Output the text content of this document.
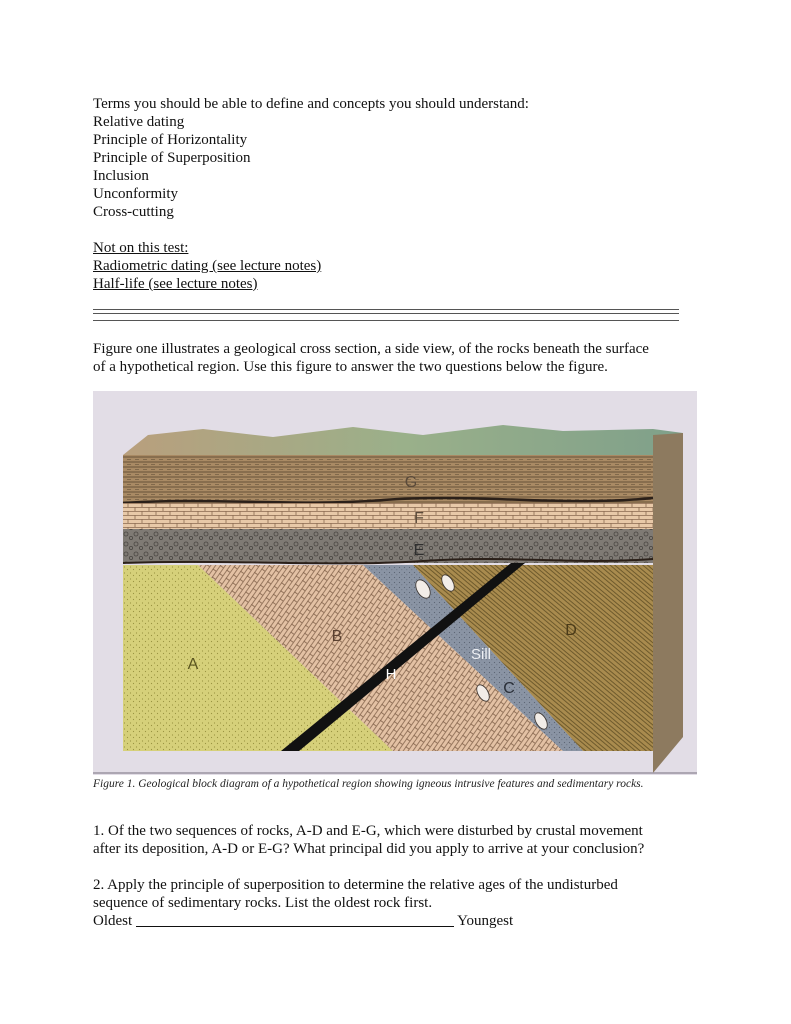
Terms you should be able to define and concepts you should understand:
Relative dating
Principle of Horizontality
Principle of Superposition
Inclusion
Unconformity
Cross-cutting
Not on this test:
Radiometric dating (see lecture notes)
Half-life (see lecture notes)
Figure one illustrates a geological cross section, a side view, of the rocks beneath the surface of a hypothetical region. Use this figure to answer the two questions below the figure.
G
F
E
A
B
H
Sill
C
D
Figure 1. Geological block diagram of a hypothetical region showing igneous intrusive features and sedimentary rocks.
1. Of the two sequences of rocks, A-D and E-G, which were disturbed by crustal movement after its deposition, A-D or E-G? What principal did you apply to arrive at your conclusion?
2. Apply the principle of superposition to determine the relative ages of the undisturbed sequence of sedimentary rocks. List the oldest rock first.
Oldest	Youngest
